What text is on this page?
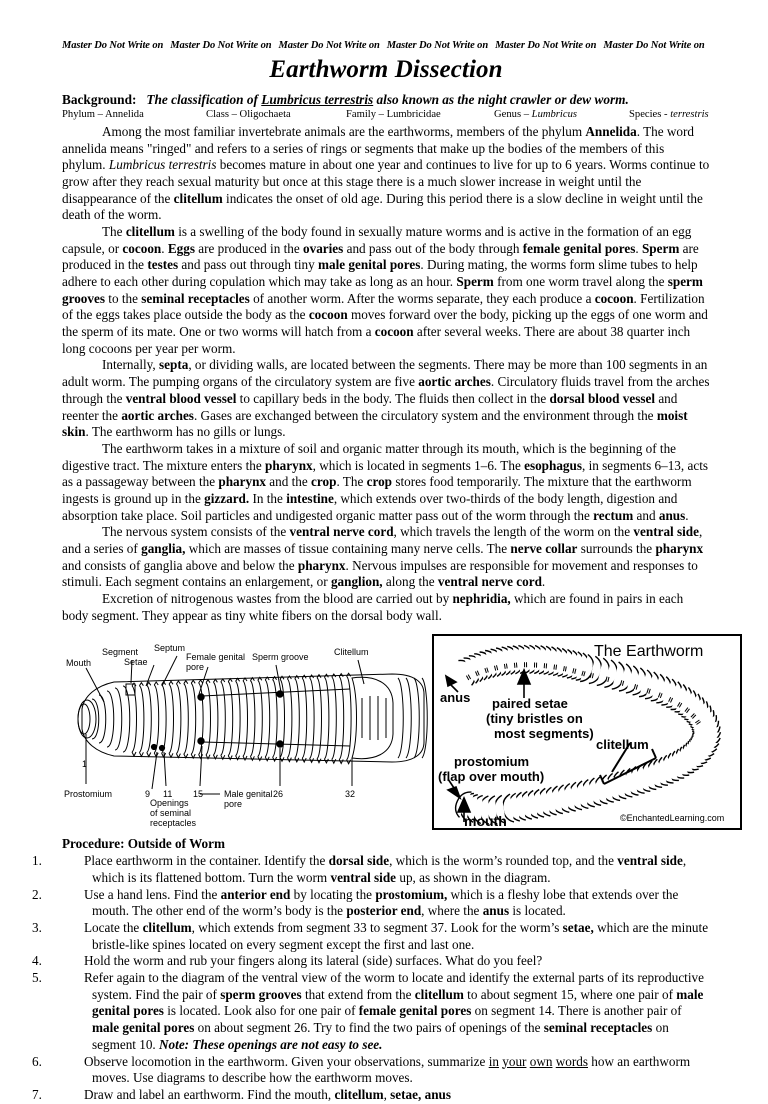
Master Do Not Write on Master Do Not Write on Master Do Not Write on Master Do Not Write on Master Do Not Write on Master Do Not Write on
Earthworm Dissection
Background: The classification of Lumbricus terrestris also known as the night crawler or dew worm.
Phylum – Annelida	Class – Oligochaeta	Family – Lumbricidae	Genus – Lumbricus	Species - terrestris

Among the most familiar invertebrate animals are the earthworms, members of the phylum Annelida. The word annelida means "ringed" and refers to a series of rings or segments that make up the bodies of the members of this phylum. Lumbricus terrestris becomes mature in about one year and continues to live for up to 6 years. Worms continue to grow after they reach sexual maturity but once at this stage there is a much slower increase in weight until the disappearance of the clitellum indicates the onset of old age. During this period there is a slow decline in weight until the death of the worm.

The clitellum is a swelling of the body found in sexually mature worms and is active in the formation of an egg capsule, or cocoon. Eggs are produced in the ovaries and pass out of the body through female genital pores. Sperm are produced in the testes and pass out through tiny male genital pores. During mating, the worms form slime tubes to help adhere to each other during copulation which may take as long as an hour. Sperm from one worm travel along the sperm grooves to the seminal receptacles of another worm. After the worms separate, they each produce a cocoon. Fertilization of the eggs takes place outside the body as the cocoon moves forward over the body, picking up the eggs of one worm and the sperm of its mate. One or two worms will hatch from a cocoon after several weeks. There are about 38 quarter inch long cocoons per year per worm.

Internally, septa, or dividing walls, are located between the segments. There may be more than 100 segments in an adult worm. The pumping organs of the circulatory system are five aortic arches. Circulatory fluids travel from the arches through the ventral blood vessel to capillary beds in the body. The fluids then collect in the dorsal blood vessel and reenter the aortic arches. Gases are exchanged between the circulatory system and the environment through the moist skin. The earthworm has no gills or lungs.

The earthworm takes in a mixture of soil and organic matter through its mouth, which is the beginning of the digestive tract. The mixture enters the pharynx, which is located in segments 1–6. The esophagus, in segments 6–13, acts as a passageway between the pharynx and the crop. The crop stores food temporarily. The mixture that the earthworm ingests is ground up in the gizzard. In the intestine, which extends over two-thirds of the body length, digestion and absorption take place. Soil particles and undigested organic matter pass out of the worm through the rectum and anus.

The nervous system consists of the ventral nerve cord, which travels the length of the worm on the ventral side, and a series of ganglia, which are masses of tissue containing many nerve cells. The nerve collar surrounds the pharynx and consists of ganglia above and below the pharynx. Nervous impulses are responsible for movement and responses to stimuli. Each segment contains an enlargement, or ganglion, along the ventral nerve cord.

Excretion of nitrogenous wastes from the blood are carried out by nephridia, which are found in pairs in each body segment. They appear as tiny white fibers on the dorsal body wall.

Mouth
Segment
Setae
Septum
Female genital
pore
Sperm groove	Clitellum
Prostomium
Openings
of seminal
receptacles
Male genital
pore
1
9 11 15	26	32
The Earthworm
anus paired setae
(tiny bristles on
most segments)
clitellum
prostomium
(flap over mouth)
mouth	©EnchantedLearning.com
Procedure: Outside of Worm
1.	Place earthworm in the container. Identify the dorsal side, which is the worm’s rounded top, and the ventral side, which is its flattened bottom. Turn the worm ventral side up, as shown in the diagram.
2.	Use a hand lens. Find the anterior end by locating the prostomium, which is a fleshy lobe that extends over the mouth. The other end of the worm’s body is the posterior end, where the anus is located.
3.	Locate the clitellum, which extends from segment 33 to segment 37. Look for the worm’s setae, which are the minute bristle-like spines located on every segment except the first and last one.
4.	Hold the worm and rub your fingers along its lateral (side) surfaces. What do you feel?
5.	Refer again to the diagram of the ventral view of the worm to locate and identify the external parts of its reproductive system. Find the pair of sperm grooves that extend from the clitellum to about segment 15, where one pair of male genital pores is located. Look also for one pair of female genital pores on segment 14. There is another pair of male genital pores on about segment 26. Try to find the two pairs of openings of the seminal receptacles on segment 10. Note: These openings are not easy to see.
6.	Observe locomotion in the earthworm. Given your observations, summarize in your own words how an earthworm moves. Use diagrams to describe how the earthworm moves.
7.	Draw and label an earthworm. Find the mouth, clitellum, setae, anus
